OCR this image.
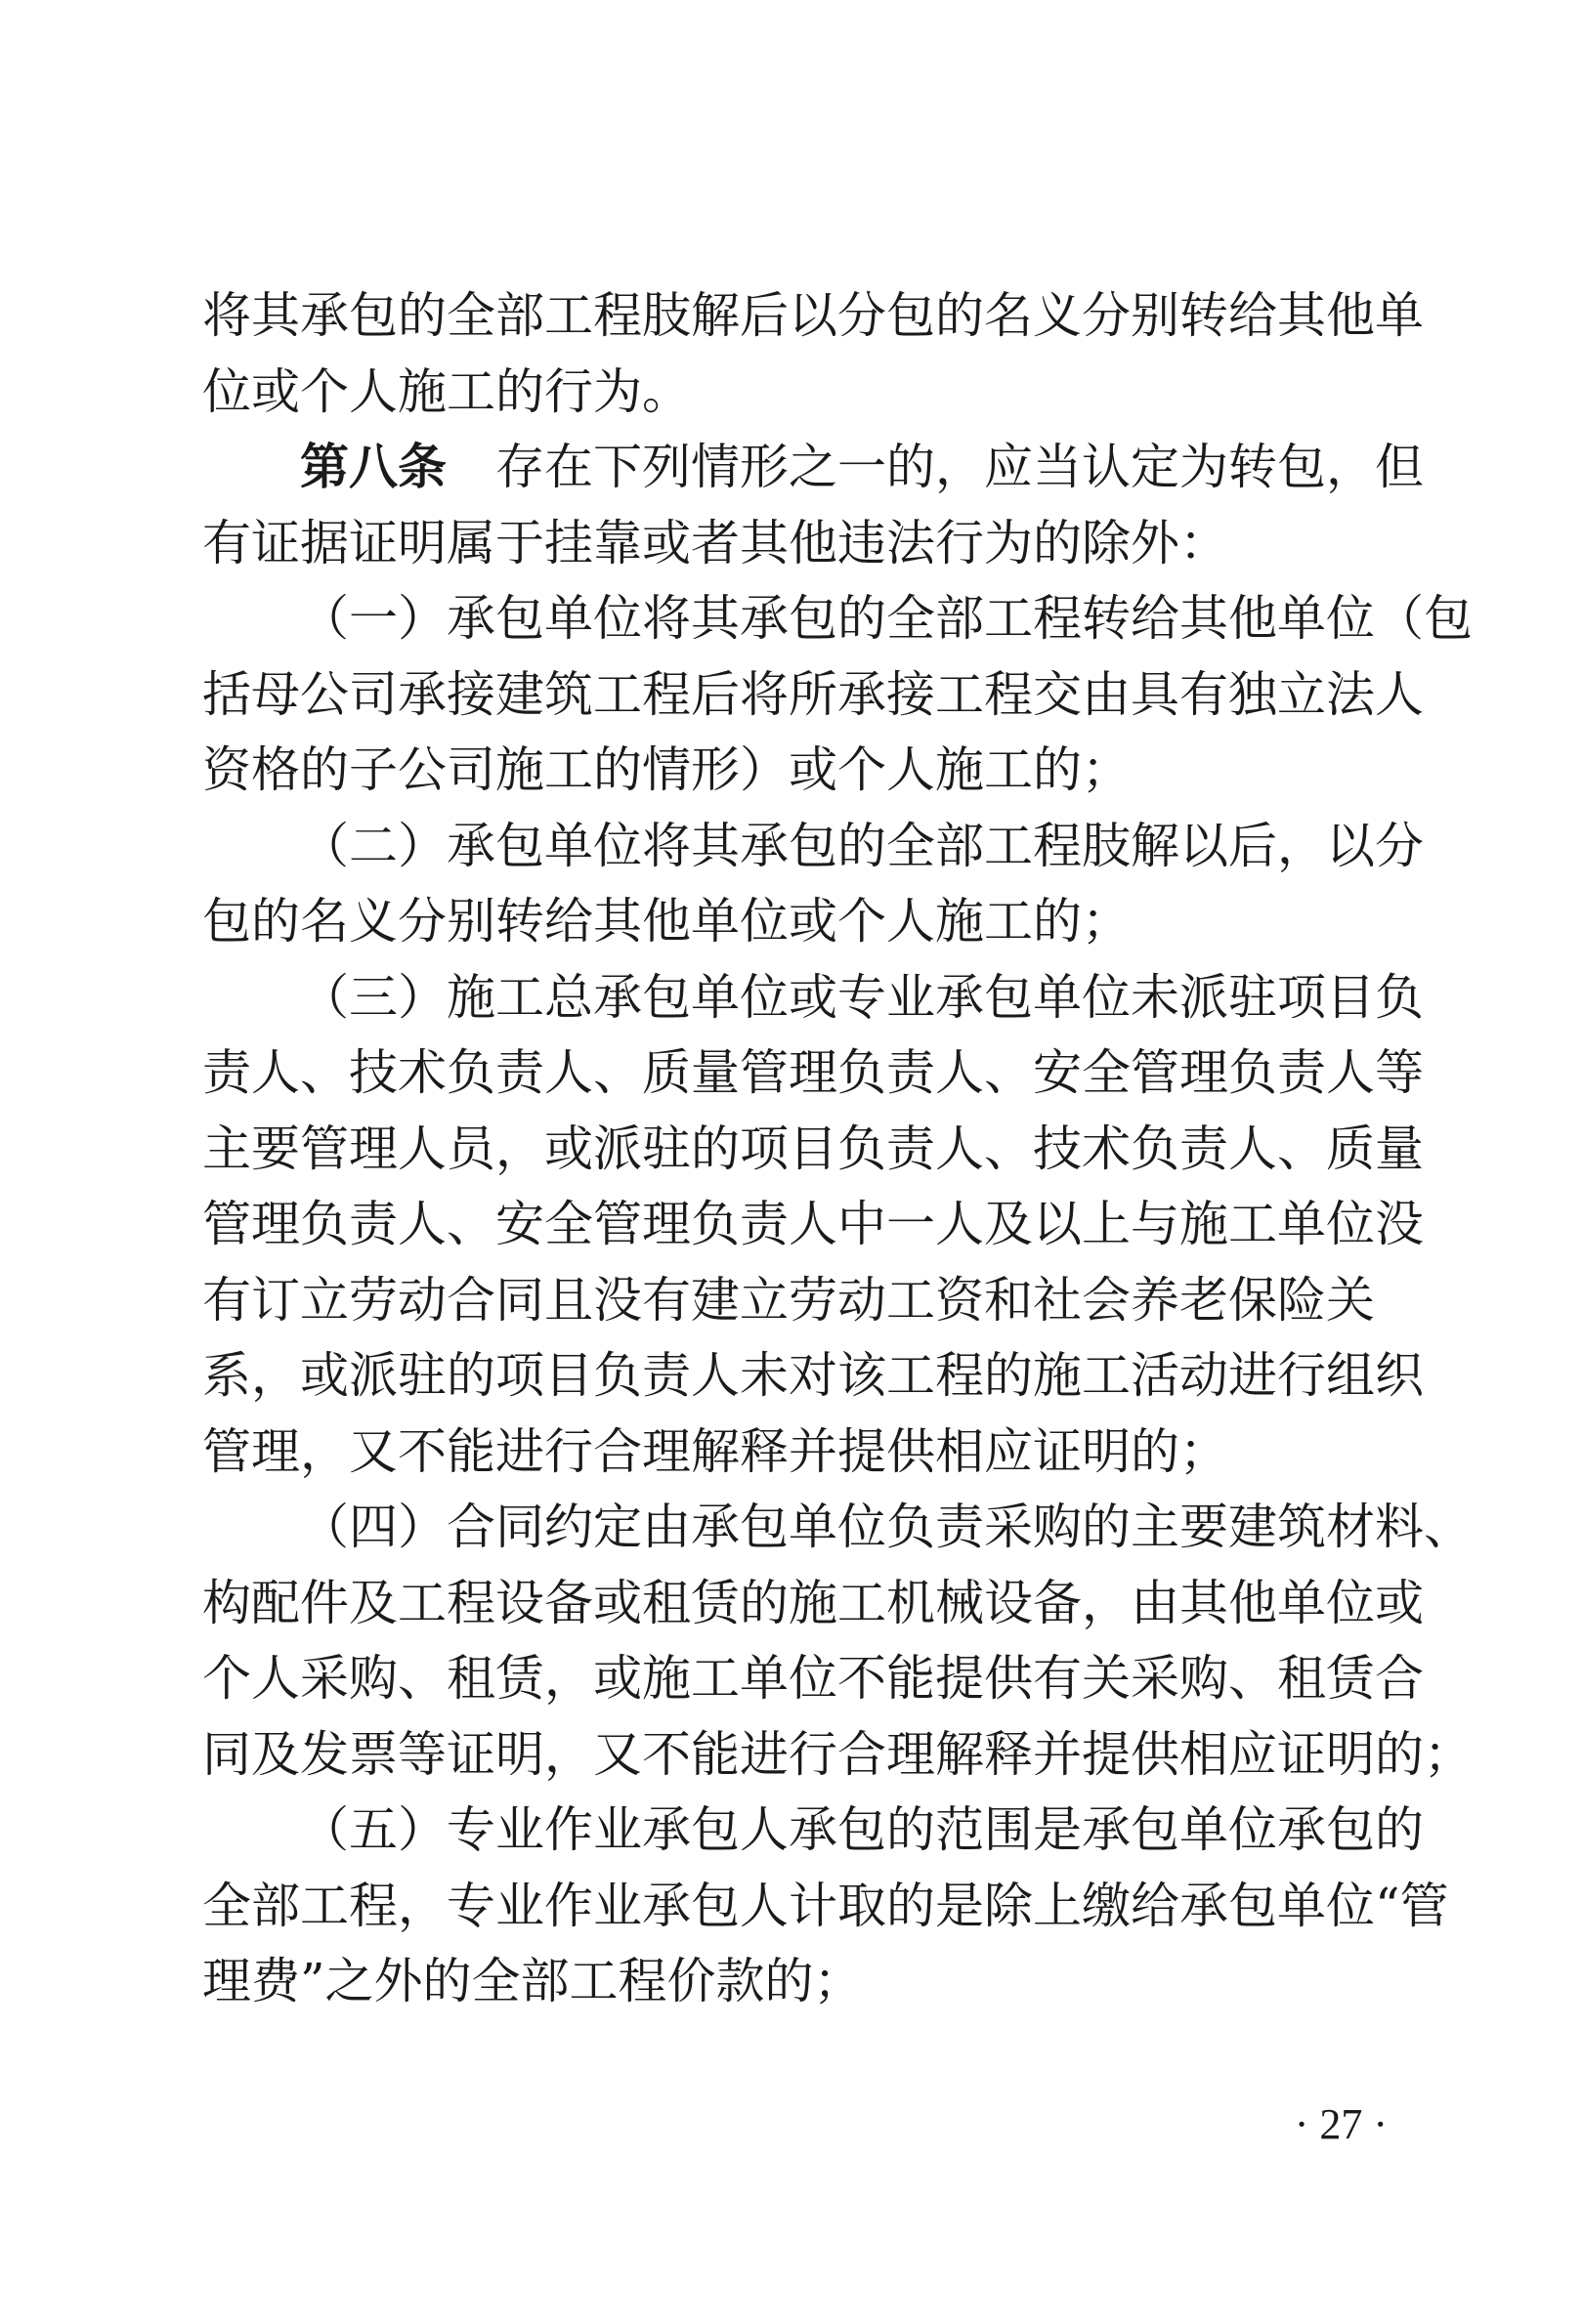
将其承包的全部工程肢解后以分包的名义分别转给其他单
位或个人施工的行为。
第八条　 存在下列情形之一的，应当认定为转包，但
有证据证明属于挂靠或者其他违法行为的除外：
（一）承包单位将其承包的全部工程转给其他单位（包
括母公司承接建筑工程后将所承接工程交由具有独立法人
资格的子公司施工的情形）或个人施工的；
（二）承包单位将其承包的全部工程肢解以后，以分
包的名义分别转给其他单位或个人施工的；
（三）施工总承包单位或专业承包单位未派驻项目负
责人、技术负责人、质量管理负责人、安全管理负责人等
主要管理人员，或派驻的项目负责人、技术负责人、质量
管理负责人、安全管理负责人中一人及以上与施工单位没
有订立劳动合同且没有建立劳动工资和社会养老保险关
系，或派驻的项目负责人未对该工程的施工活动进行组织
管理，又不能进行合理解释并提供相应证明的；
（四）合同约定由承包单位负责采购的主要建筑材料、
构配件及工程设备或租赁的施工机械设备，由其他单位或
个人采购、租赁，或施工单位不能提供有关采购、租赁合
同及发票等证明，又不能进行合理解释并提供相应证明的；
（五）专业作业承包人承包的范围是承包单位承包的
全部工程，专业作业承包人计取的是除上缴给承包单位“管
理费”之外的全部工程价款的；
· 27 ·
